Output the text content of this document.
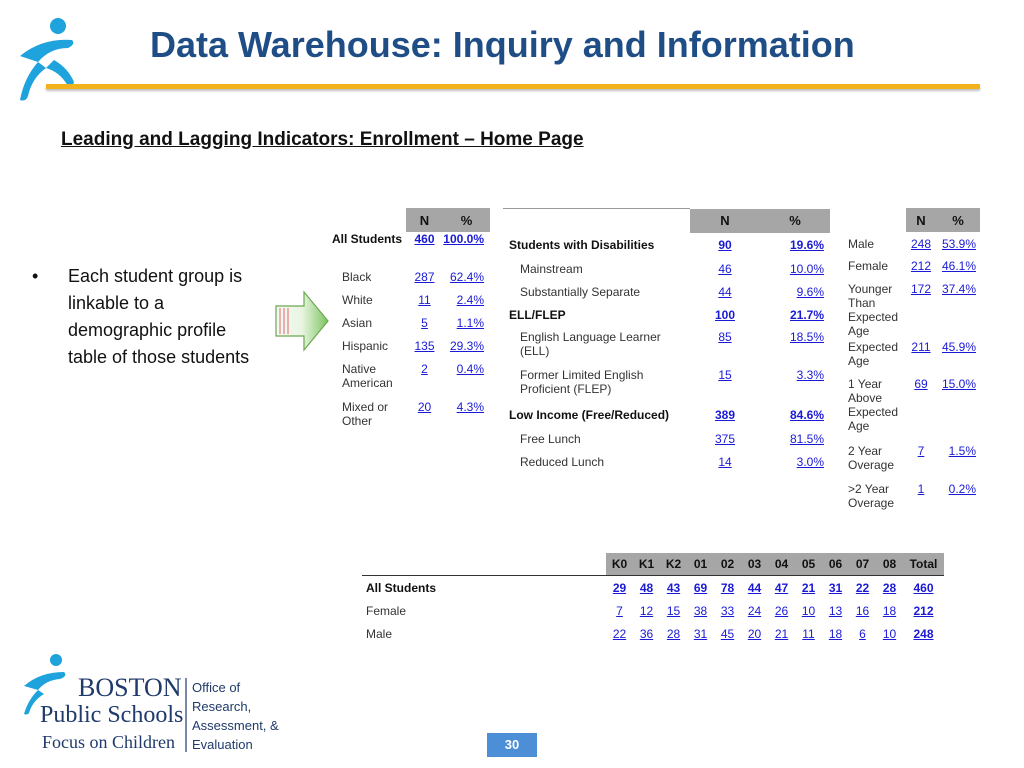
Data Warehouse: Inquiry and Information
Leading and Lagging Indicators: Enrollment – Home Page
• Each student group is linkable to a demographic profile table of those students
	N	%
All Students	460	100.0%
Black	287	62.4%
White	11	2.4%
Asian	5	1.1%
Hispanic	135	29.3%
Native American	2	0.4%
Mixed or Other	20	4.3%
	N	%
Students with Disabilities	90	19.6%
Mainstream	46	10.0%
Substantially Separate	44	9.6%
ELL/FLEP	100	21.7%
English Language Learner (ELL)	85	18.5%
Former Limited English Proficient (FLEP)	15	3.3%
Low Income (Free/Reduced)	389	84.6%
Free Lunch	375	81.5%
Reduced Lunch	14	3.0%
	N	%
Male	248	53.9%
Female	212	46.1%
Younger Than Expected Age	172	37.4%
Expected Age	211	45.9%
1 Year Above Expected Age	69	15.0%
2 Year Overage	7	1.5%
>2 Year Overage	1	0.2%
	K0	K1	K2	01	02	03	04	05	06	07	08	Total
All Students	29	48	43	69	78	44	47	21	31	22	28	460
Female	7	12	15	38	33	24	26	10	13	16	18	212
Male	22	36	28	31	45	20	21	11	18	6	10	248
BOSTON
Public Schools
Focus on Children
Office of
Research,
Assessment, &
Evaluation	30
